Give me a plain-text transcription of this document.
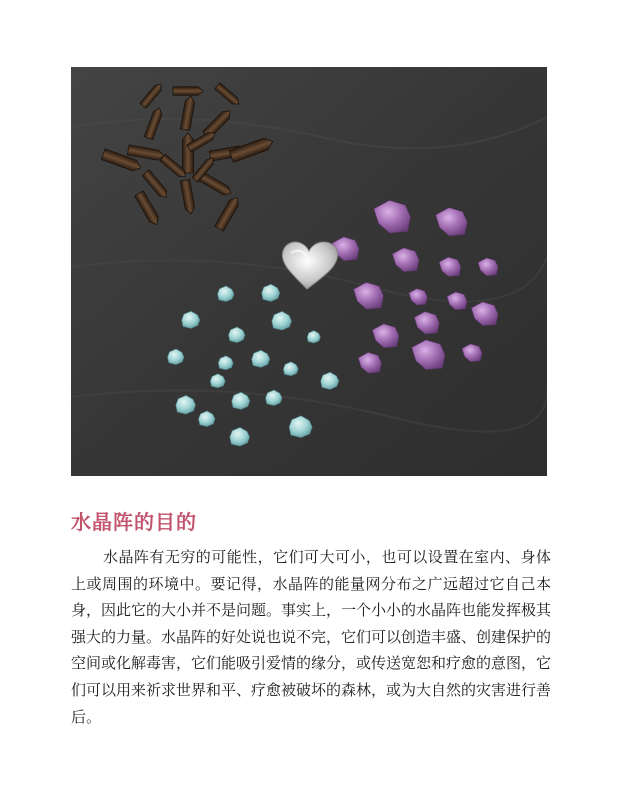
水晶阵的目的

水晶阵有无穷的可能性，它们可大可小，也可以设置在室内、身体上或周围的环境中。要记得，水晶阵的能量网分布之广远超过它自己本身，因此它的大小并不是问题。事实上，一个小小的水晶阵也能发挥极其强大的力量。水晶阵的好处说也说不完，它们可以创造丰盛、创建保护的空间或化解毒害，它们能吸引爱情的缘分，或传送宽恕和疗愈的意图，它们可以用来祈求世界和平、疗愈被破坏的森林，或为大自然的灾害进行善后。
